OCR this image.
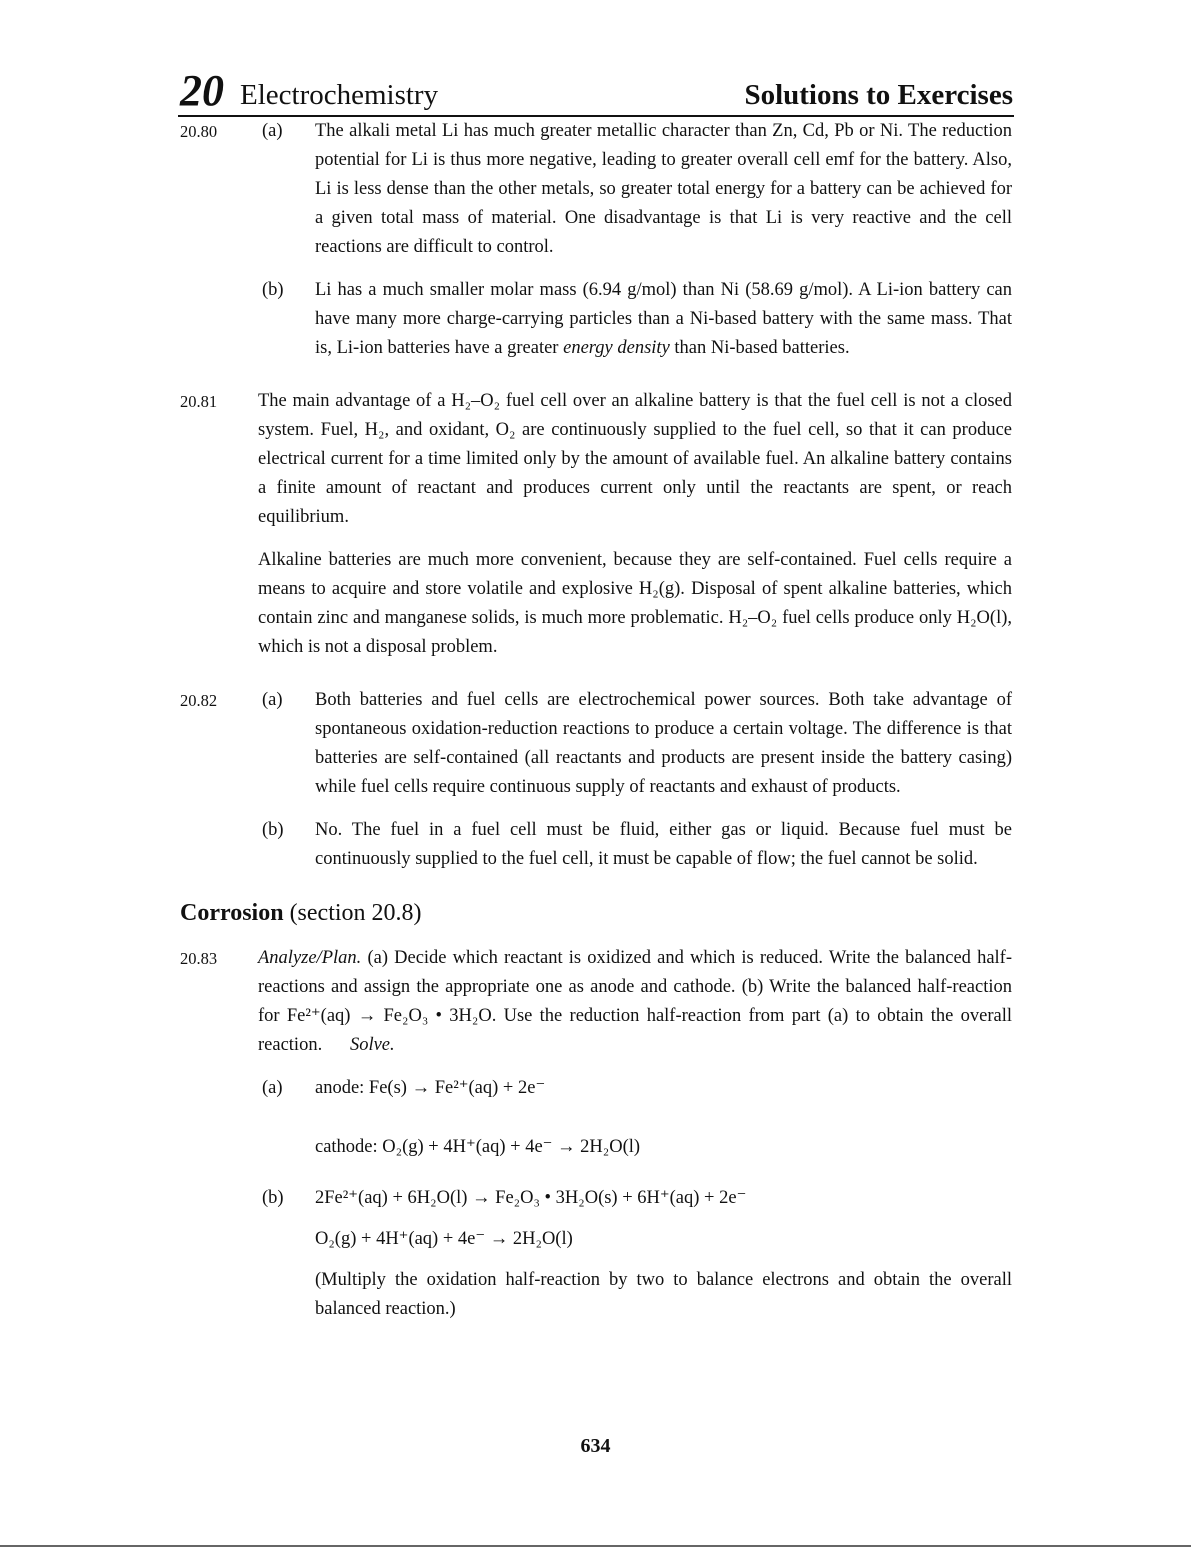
20 Electrochemistry	Solutions to Exercises
20.80	(a)	The alkali metal Li has much greater metallic character than Zn, Cd, Pb or Ni. The reduction potential for Li is thus more negative, leading to greater overall cell emf for the battery. Also, Li is less dense than the other metals, so greater total energy for a battery can be achieved for a given total mass of material. One disadvantage is that Li is very reactive and the cell reactions are difficult to control.
(b)	Li has a much smaller molar mass (6.94 g/mol) than Ni (58.69 g/mol). A Li-ion battery can have many more charge-carrying particles than a Ni-based battery with the same mass. That is, Li-ion batteries have a greater energy density than Ni-based batteries.
20.81	The main advantage of a H₂–O₂ fuel cell over an alkaline battery is that the fuel cell is not a closed system. Fuel, H₂, and oxidant, O₂ are continuously supplied to the fuel cell, so that it can produce electrical current for a time limited only by the amount of available fuel. An alkaline battery contains a finite amount of reactant and produces current only until the reactants are spent, or reach equilibrium.
Alkaline batteries are much more convenient, because they are self-contained. Fuel cells require a means to acquire and store volatile and explosive H₂(g). Disposal of spent alkaline batteries, which contain zinc and manganese solids, is much more problematic. H₂–O₂ fuel cells produce only H₂O(l), which is not a disposal problem.
20.82	(a)	Both batteries and fuel cells are electrochemical power sources. Both take advantage of spontaneous oxidation-reduction reactions to produce a certain voltage. The difference is that batteries are self-contained (all reactants and products are present inside the battery casing) while fuel cells require continuous supply of reactants and exhaust of products.
(b)	No. The fuel in a fuel cell must be fluid, either gas or liquid. Because fuel must be continuously supplied to the fuel cell, it must be capable of flow; the fuel cannot be solid.
Corrosion (section 20.8)
20.83	Analyze/Plan. (a) Decide which reactant is oxidized and which is reduced. Write the balanced half-reactions and assign the appropriate one as anode and cathode. (b) Write the balanced half-reaction for Fe²⁺(aq) → Fe₂O₃ • 3H₂O. Use the reduction half-reaction from part (a) to obtain the overall reaction.      Solve.
(a)	anode: Fe(s) → Fe²⁺(aq) + 2e⁻
cathode: O₂(g) + 4H⁺(aq) + 4e⁻ → 2H₂O(l)
(b)	2Fe²⁺(aq) + 6H₂O(l) → Fe₂O₃ • 3H₂O(s) + 6H⁺(aq) + 2e⁻
O₂(g) + 4H⁺(aq) + 4e⁻ → 2H₂O(l)
(Multiply the oxidation half-reaction by two to balance electrons and obtain the overall balanced reaction.)
634
